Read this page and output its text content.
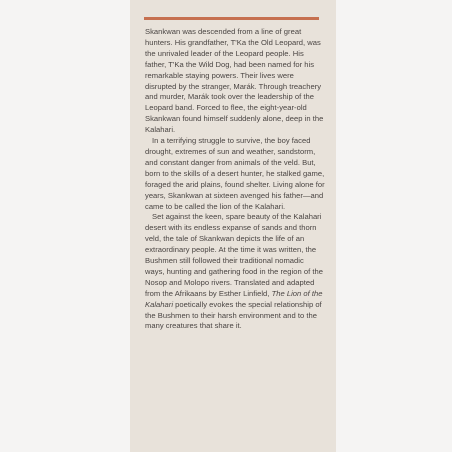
Skankwan was descended from a line of great hunters. His grandfather, T'Ka the Old Leopard, was the unrivaled leader of the Leopard people. His father, T'Ka the Wild Dog, had been named for his remarkable staying powers. Their lives were disrupted by the stranger, Marák. Through treachery and murder, Marák took over the leadership of the Leopard band. Forced to flee, the eight-year-old Skankwan found himself suddenly alone, deep in the Kalahari.

In a terrifying struggle to survive, the boy faced drought, extremes of sun and weather, sandstorm, and constant danger from animals of the veld. But, born to the skills of a desert hunter, he stalked game, foraged the arid plains, found shelter. Living alone for years, Skankwan at sixteen avenged his father—and came to be called the lion of the Kalahari.

Set against the keen, spare beauty of the Kalahari desert with its endless expanse of sands and thorn veld, the tale of Skankwan depicts the life of an extraordinary people. At the time it was written, the Bushmen still followed their traditional nomadic ways, hunting and gathering food in the region of the Nosop and Molopo rivers. Translated and adapted from the Afrikaans by Esther Linfield, The Lion of the Kalahari poetically evokes the special relationship of the Bushmen to their harsh environment and to the many creatures that share it.
